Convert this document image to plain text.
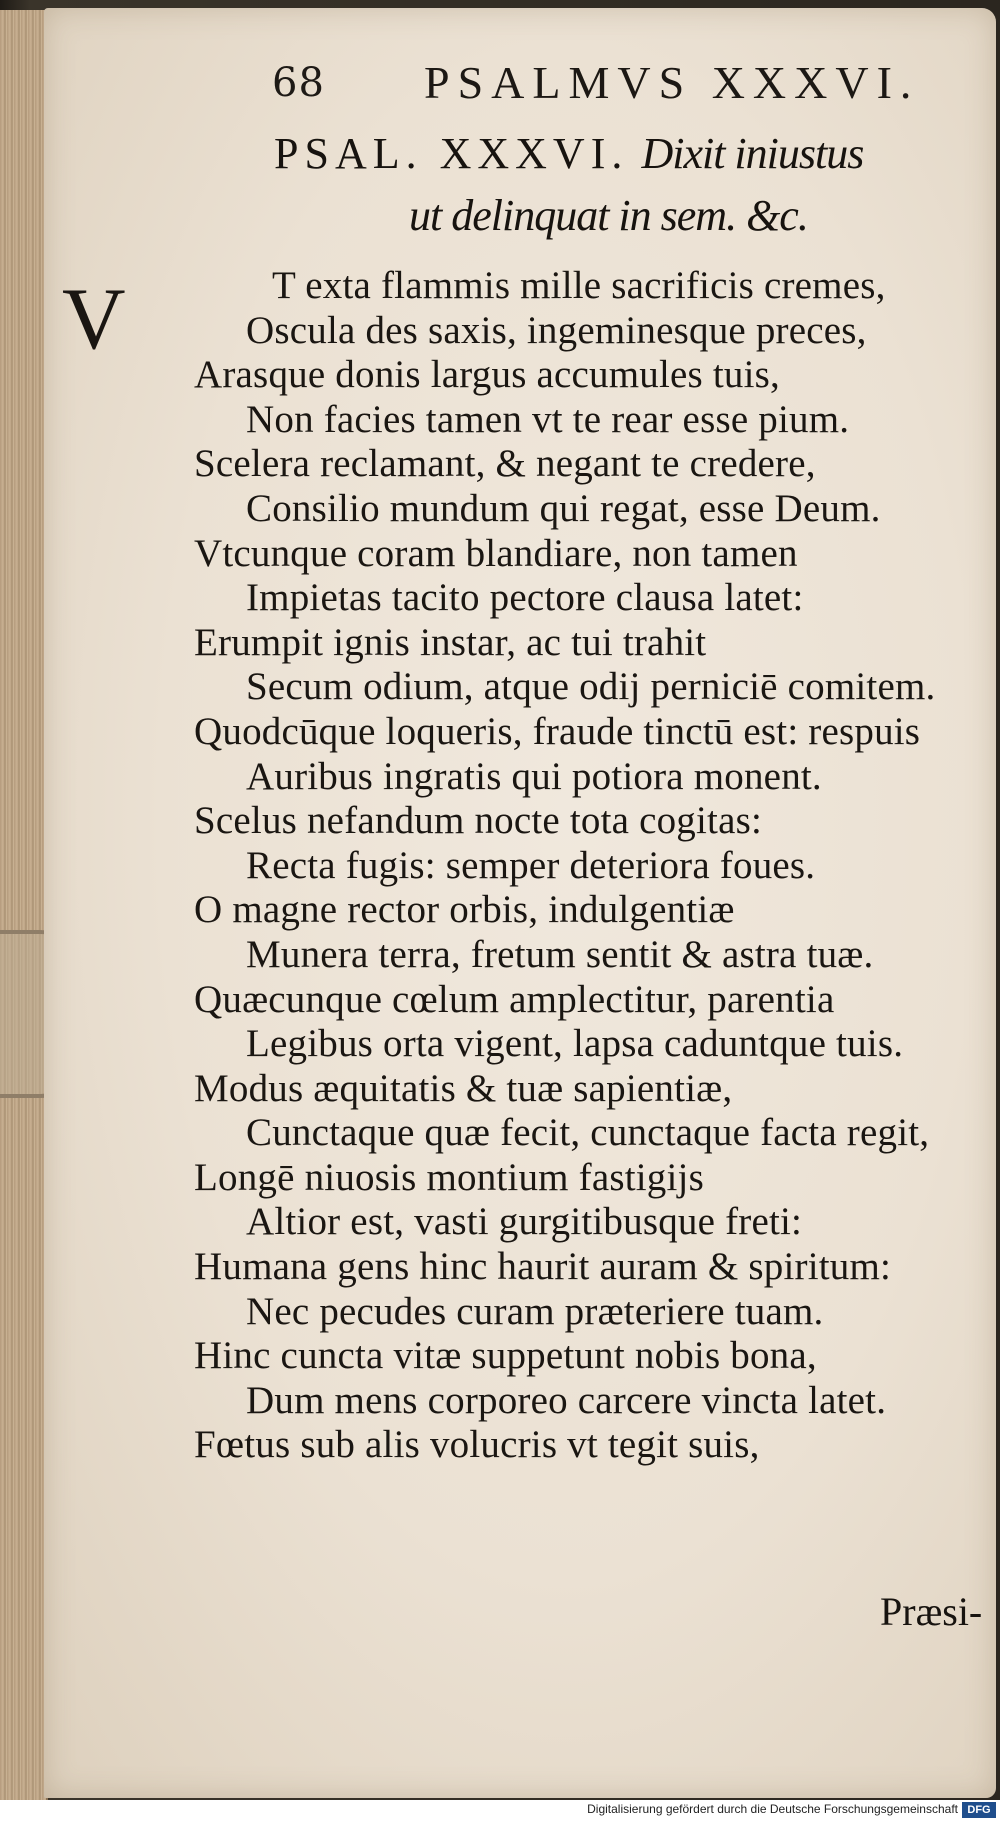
68 PSALMVS XXXVI.
PSAL. XXXVI. Dixit iniustus
ut delinquat in sem. &c.
V	T exta flammis mille sacrificis cremes,
Oscula des saxis, ingeminesque preces,
Arasque donis largus accumules tuis,
Non facies tamen vt te rear esse pium.
Scelera reclamant, & negant te credere,
Consilio mundum qui regat, esse Deum.
Vtcunque coram blandiare, non tamen
Impietas tacito pectore clausa latet:
Erumpit ignis instar, ac tui trahit
Secum odium, atque odij perniciē comitem.
Quodcūque loqueris, fraude tinctū est: respuis
Auribus ingratis qui potiora monent.
Scelus nefandum nocte tota cogitas:
Recta fugis: semper deteriora foues.
O magne rector orbis, indulgentiæ
Munera terra, fretum sentit & astra tuæ.
Quæcunque cœlum amplectitur, parentia
Legibus orta vigent, lapsa caduntque tuis.
Modus æquitatis & tuæ sapientiæ,
Cunctaque quæ fecit, cunctaque facta regit,
Longē niuosis montium fastigijs
Altior est, vasti gurgitibusque freti:
Humana gens hinc haurit auram & spiritum:
Nec pecudes curam præteriere tuam.
Hinc cuncta vitæ suppetunt nobis bona,
Dum mens corporeo carcere vincta latet.
Fœtus sub alis volucris vt tegit suis,
Præsi-
Digitalisierung gefördert durch die Deutsche Forschungsgemeinschaft DFG
